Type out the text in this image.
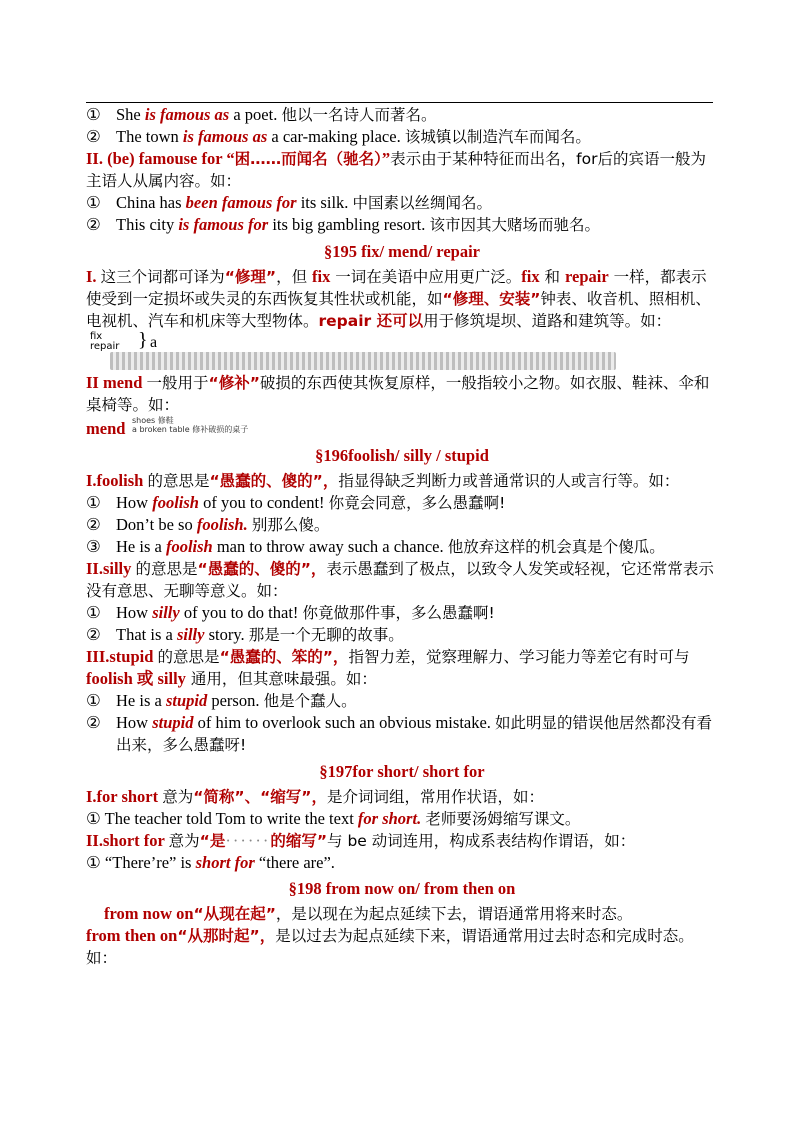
① She is famous as a poet. 他以一名诗人而著名。
② The town is famous as a car-making place. 该城镇以制造汽车而闻名。
II. (be) famouse for “困……而闻名（驰名）”表示由于某种特征而出名，for后的宾语一般为主语人从属内容。如：
① China has been famous for its silk. 中国素以丝绸闻名。
② This city is famous for its big gambling resort. 该市因其大赌场而驰名。
§195 fix/ mend/ repair
I. 这三个词都可译为“修理”，但 fix 一词在美语中应用更广泛。fix 和 repair 一样，都表示使受到一定损坏或失灵的东西恢复其性状或机能，如“修理、安装”钟表、收音机、照相机、电视机、汽车和机床等大型物体。repair 还可以用于修筑堤坝、道路和建筑等。如：
fix
repair } a
II mend 一般用于“修补”破损的东西使其恢复原样，一般指较小之物。如衣服、鞋袜、伞和桌椅等。如：
mend shoes 修鞋
a broken table 修补破损的桌子
§196foolish/ silly / stupid
I.foolish 的意思是“愚蠢的、傻的”，指显得缺乏判断力或普通常识的人或言行等。如：
① How foolish of you to condent! 你竟会同意，多么愚蠢啊!
② Don’t be so foolish. 别那么傻。
③ He is a foolish man to throw away such a chance. 他放弃这样的机会真是个傻瓜。
II.silly 的意思是“愚蠢的、傻的”，表示愚蠢到了极点，以致令人发笑或轻视，它还常常表示没有意思、无聊等意义。如：
① How silly of you to do that! 你竟做那件事，多么愚蠢啊!
② That is a silly story. 那是一个无聊的故事。
III.stupid 的意思是“愚蠢的、笨的”，指智力差，觉察理解力、学习能力等差它有时可与 foolish 或 silly 通用，但其意味最强。如：
① He is a stupid person. 他是个蠢人。
② How stupid of him to overlook such an obvious mistake. 如此明显的错误他居然都没有看出来，多么愚蠢呀!
§197for short/ short for
I.for short 意为“简称”、“缩写”，是介词词组，常用作状语，如：
① The teacher told Tom to write the text for short. 老师要汤姆缩写课文。
II.short for 意为“是······的缩写”与 be 动词连用，构成系表结构作谓语，如：
① “There’re” is short for “there are”.
§198 from now on/ from then on
from now on“从现在起”，是以现在为起点延续下去，谓语通常用将来时态。
from then on“从那时起”，是以过去为起点延续下来，谓语通常用过去时态和完成时态。如：
